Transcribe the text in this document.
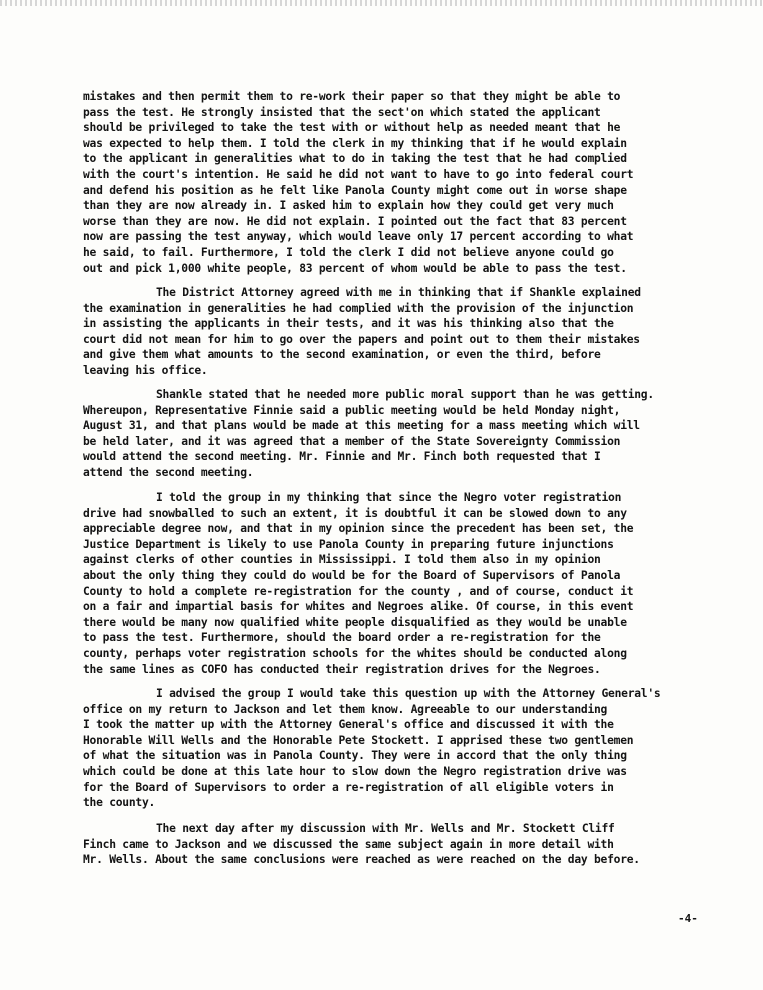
mistakes and then permit them to re-work their paper so that they might be able to
pass the test. He strongly insisted that the sect'on which stated the applicant
should be privileged to take the test with or without help as needed meant that he
was expected to help them. I told the clerk in my thinking that if he would explain
to the applicant in generalities what to do in taking the test that he had complied
with the court's intention. He said he did not want to have to go into federal court
and defend his position as he felt like Panola County might come out in worse shape
than they are now already in. I asked him to explain how they could get very much
worse than they are now. He did not explain. I pointed out the fact that 83 percent
now are passing the test anyway, which would leave only 17 percent according to what
he said, to fail. Furthermore, I told the clerk I did not believe anyone could go
out and pick 1,000 white people, 83 percent of whom would be able to pass the test.
The District Attorney agreed with me in thinking that if Shankle explained
the examination in generalities he had complied with the provision of the injunction
in assisting the applicants in their tests, and it was his thinking also that the
court did not mean for him to go over the papers and point out to them their mistakes
and give them what amounts to the second examination, or even the third, before
leaving his office.
Shankle stated that he needed more public moral support than he was getting.
Whereupon, Representative Finnie said a public meeting would be held Monday night,
August 31, and that plans would be made at this meeting for a mass meeting which will
be held later, and it was agreed that a member of the State Sovereignty Commission
would attend the second meeting. Mr. Finnie and Mr. Finch both requested that I
attend the second meeting.
I told the group in my thinking that since the Negro voter registration
drive had snowballed to such an extent, it is doubtful it can be slowed down to any
appreciable degree now, and that in my opinion since the precedent has been set, the
Justice Department is likely to use Panola County in preparing future injunctions
against clerks of other counties in Mississippi. I told them also in my opinion
about the only thing they could do would be for the Board of Supervisors of Panola
County to hold a complete re-registration for the county , and of course, conduct it
on a fair and impartial basis for whites and Negroes alike. Of course, in this event
there would be many now qualified white people disqualified as they would be unable
to pass the test. Furthermore, should the board order a re-registration for the
county, perhaps voter registration schools for the whites should be conducted along
the same lines as COFO has conducted their registration drives for the Negroes.
I advised the group I would take this question up with the Attorney General's
office on my return to Jackson and let them know. Agreeable to our understanding
I took the matter up with the Attorney General's office and discussed it with the
Honorable Will Wells and the Honorable Pete Stockett. I apprised these two gentlemen
of what the situation was in Panola County. They were in accord that the only thing
which could be done at this late hour to slow down the Negro registration drive was
for the Board of Supervisors to order a re-registration of all eligible voters in
the county.
The next day after my discussion with Mr. Wells and Mr. Stockett Cliff
Finch came to Jackson and we discussed the same subject again in more detail with
Mr. Wells. About the same conclusions were reached as were reached on the day before.
-4-
